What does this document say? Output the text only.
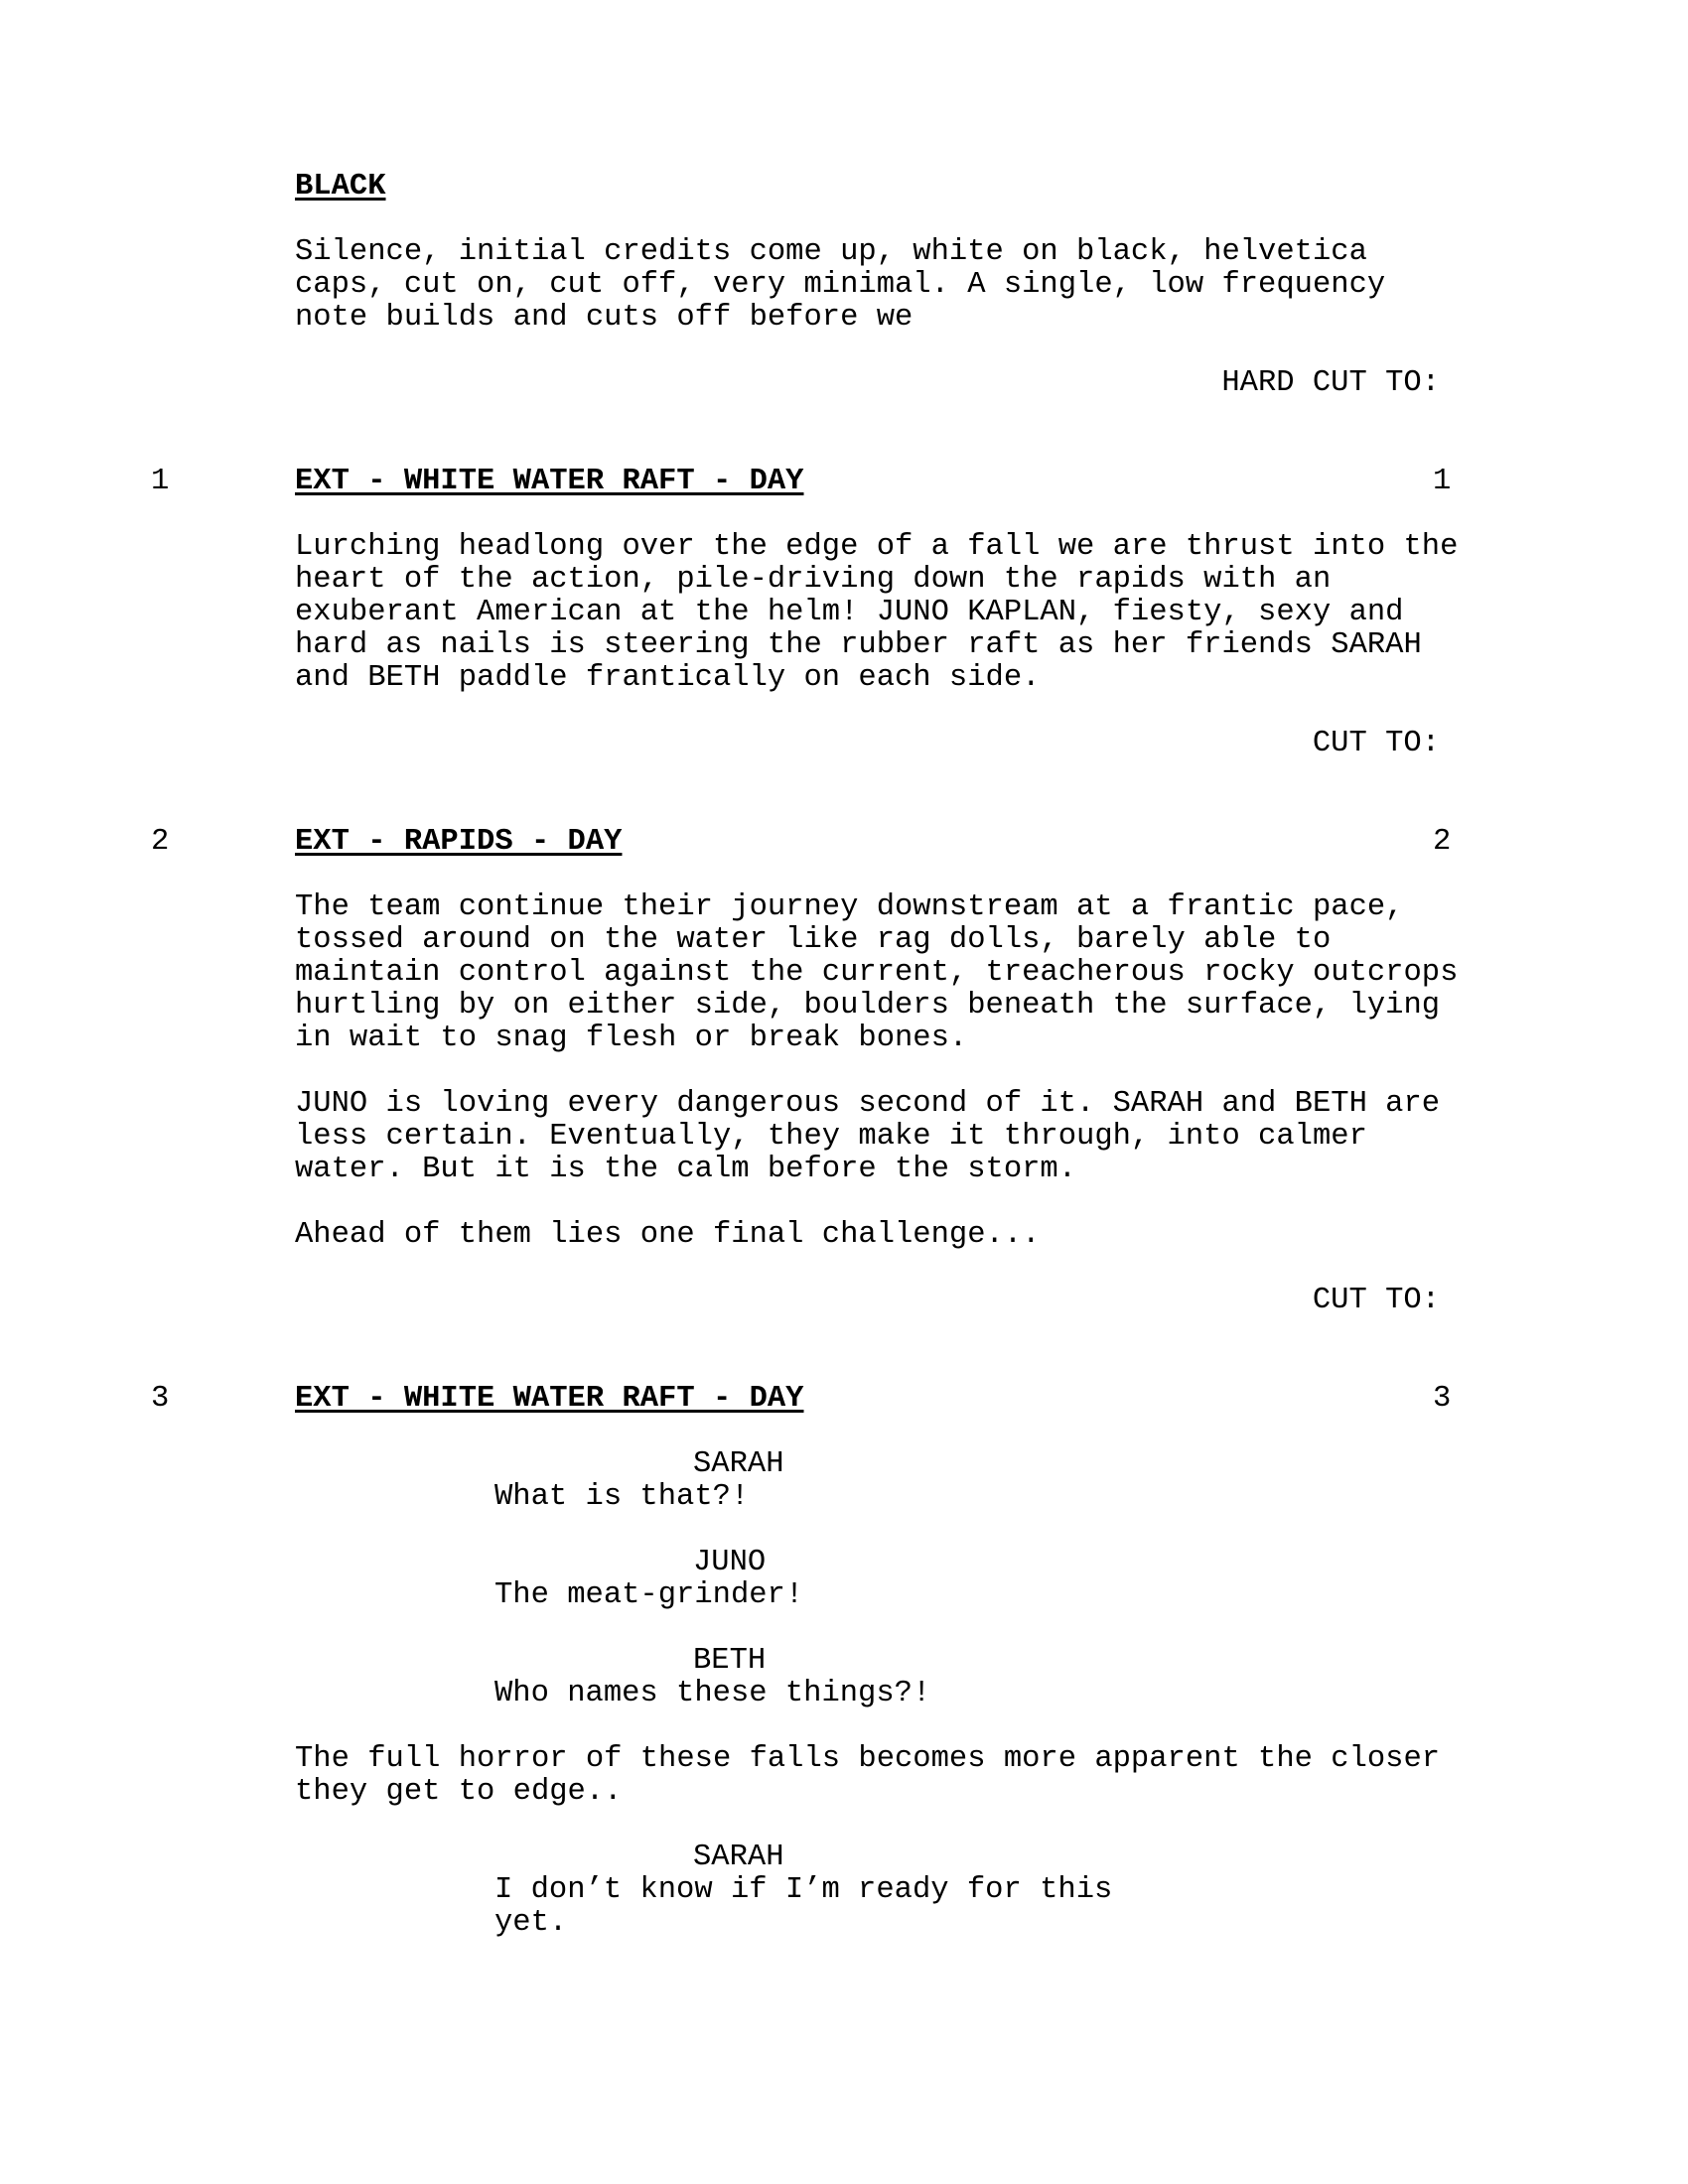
BLACK
Silence, initial credits come up, white on black, helvetica
caps, cut on, cut off, very minimal. A single, low frequency
note builds and cuts off before we
HARD CUT TO:
1	EXT - WHITE WATER RAFT - DAY	1
Lurching headlong over the edge of a fall we are thrust into the
heart of the action, pile-driving down the rapids with an
exuberant American at the helm! JUNO KAPLAN, fiesty, sexy and
hard as nails is steering the rubber raft as her friends SARAH
and BETH paddle frantically on each side.
CUT TO:
2	EXT - RAPIDS - DAY	2
The team continue their journey downstream at a frantic pace,
tossed around on the water like rag dolls, barely able to
maintain control against the current, treacherous rocky outcrops
hurtling by on either side, boulders beneath the surface, lying
in wait to snag flesh or break bones.
JUNO is loving every dangerous second of it. SARAH and BETH are
less certain. Eventually, they make it through, into calmer
water. But it is the calm before the storm.
Ahead of them lies one final challenge...
CUT TO:
3	EXT - WHITE WATER RAFT - DAY	3
SARAH
What is that?!
JUNO
The meat-grinder!
BETH
Who names these things?!
The full horror of these falls becomes more apparent the closer
they get to edge..
SARAH
I don’t know if I’m ready for this
yet.
